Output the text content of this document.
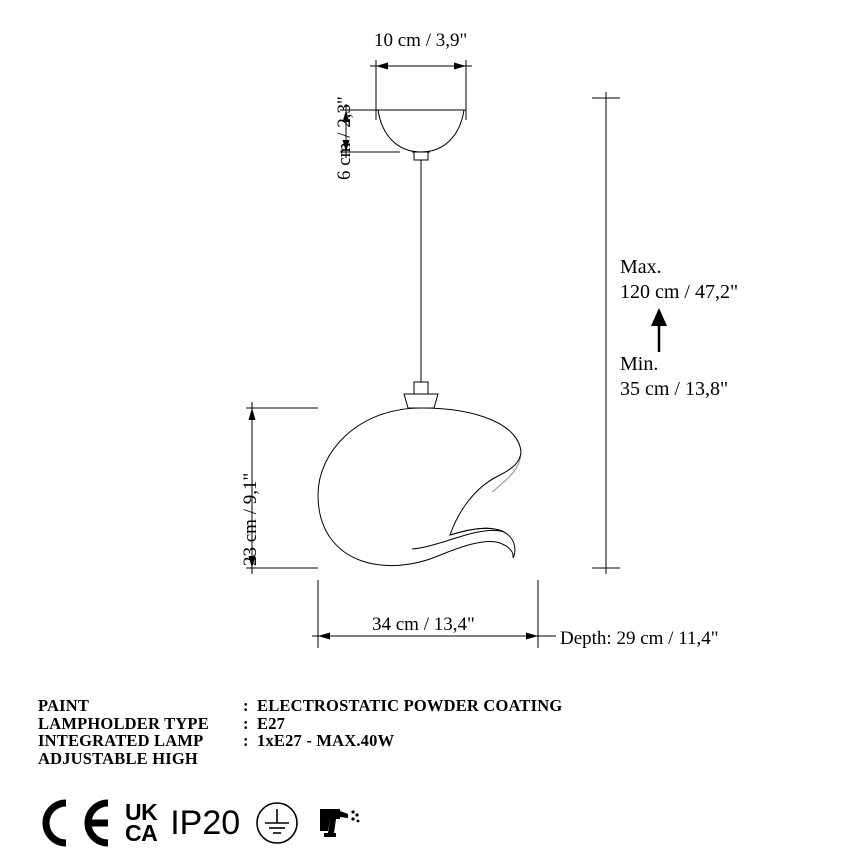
10 cm / 3,9"
6 cm / 2,3"
23 cm / 9,1"
34 cm / 13,4"
Depth: 29 cm / 11,4"
Max.
120 cm / 47,2"
Min.
35 cm / 13,8"
PAINT	: ELECTROSTATIC POWDER COATING
LAMPHOLDER TYPE	: E27
INTEGRATED LAMP	: 1xE27 - MAX.40W
ADJUSTABLE HIGH
UK
CA IP20
